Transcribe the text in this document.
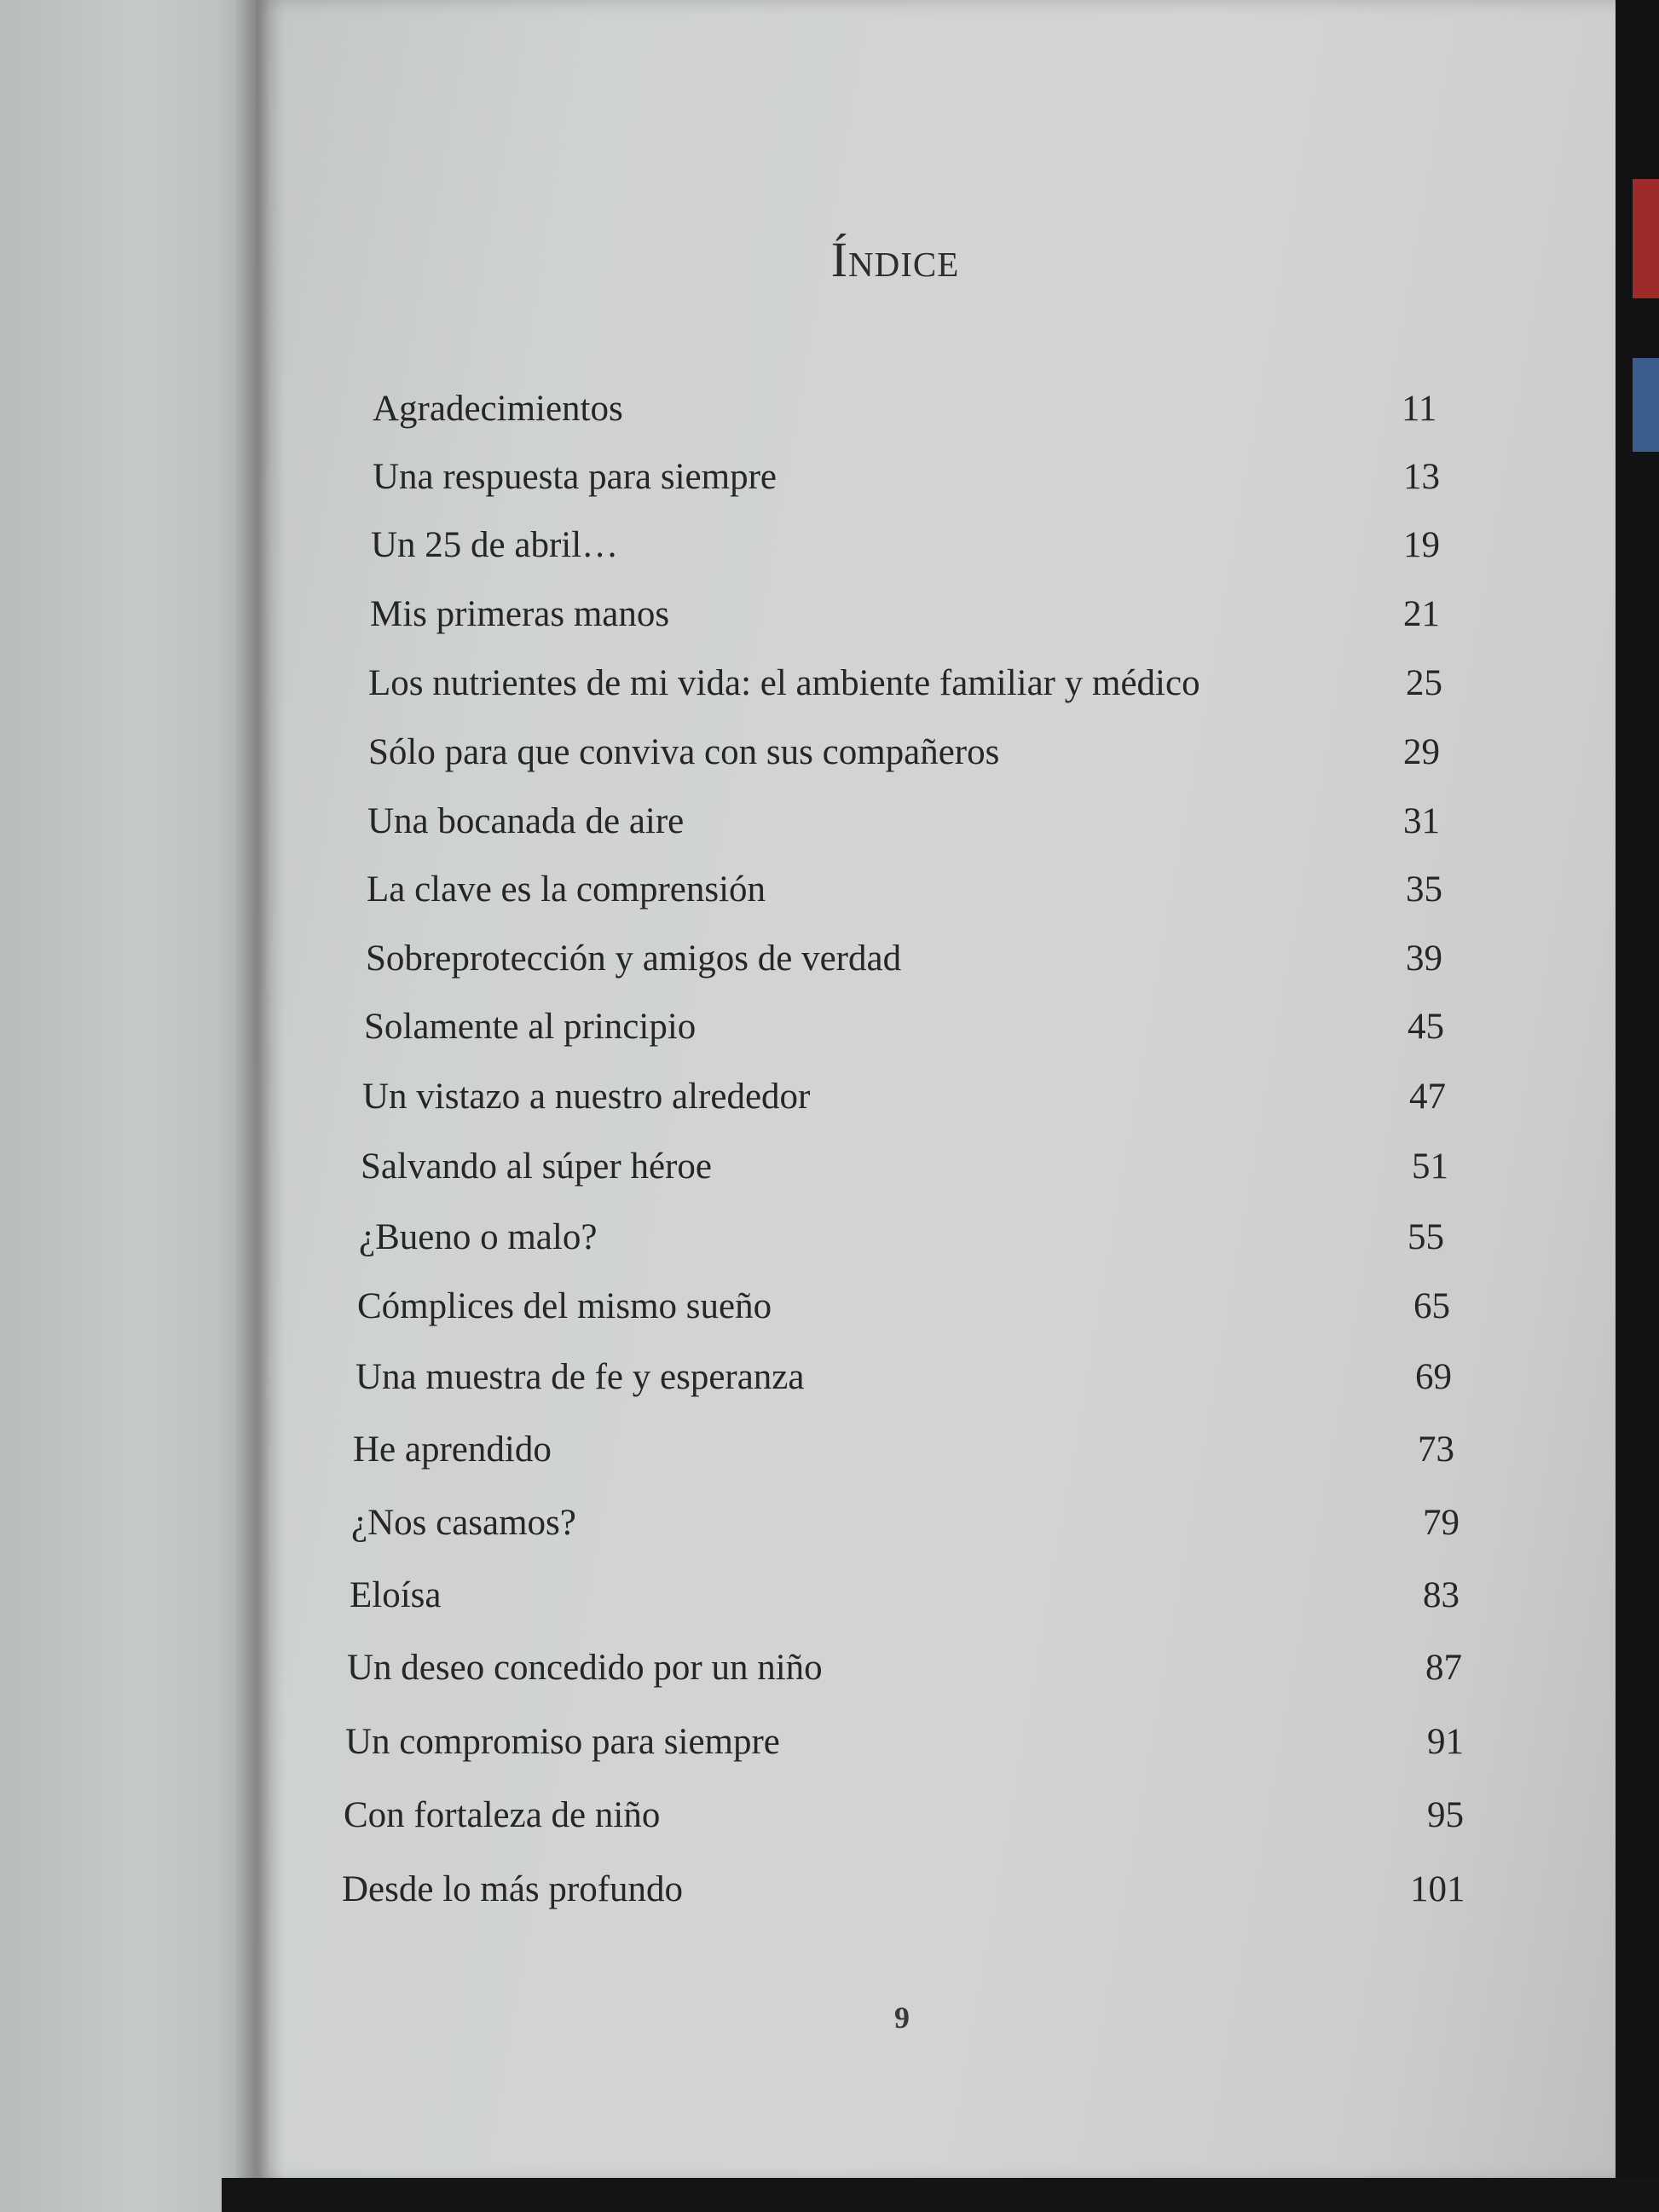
Índice
Agradecimientos	11
Una respuesta para siempre	13
Un 25 de abril…	19
Mis primeras manos	21
Los nutrientes de mi vida: el ambiente familiar y médico	25
Sólo para que conviva con sus compañeros	29
Una bocanada de aire	31
La clave es la comprensión	35
Sobreprotección y amigos de verdad	39
Solamente al principio	45
Un vistazo a nuestro alrededor	47
Salvando al súper héroe	51
¿Bueno o malo?	55
Cómplices del mismo sueño	65
Una muestra de fe y esperanza	69
He aprendido	73
¿Nos casamos?	79
Eloísa	83
Un deseo concedido por un niño	87
Un compromiso para siempre	91
Con fortaleza de niño	95
Desde lo más profundo	101
9
